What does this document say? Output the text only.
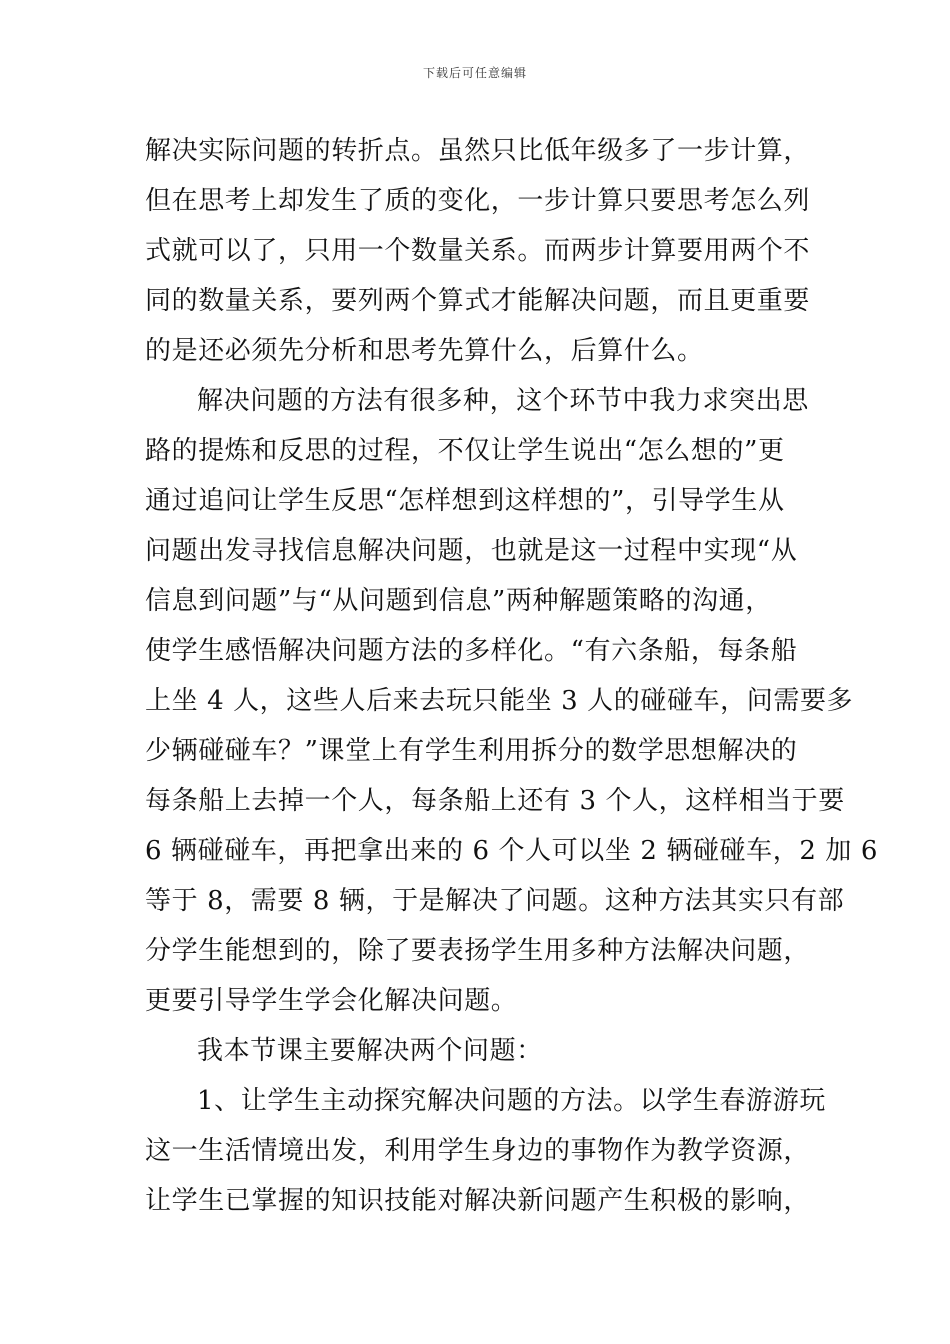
下载后可任意编辑
解决实际问题的转折点。虽然只比低年级多了一步计算，
但在思考上却发生了质的变化，一步计算只要思考怎么列
式就可以了，只用一个数量关系。而两步计算要用两个不
同的数量关系，要列两个算式才能解决问题，而且更重要
的是还必须先分析和思考先算什么，后算什么。
解决问题的方法有很多种，这个环节中我力求突出思
路的提炼和反思的过程，不仅让学生说出“怎么想的”更
通过追问让学生反思“怎样想到这样想的”，引导学生从
问题出发寻找信息解决问题，也就是这一过程中实现“从
信息到问题”与“从问题到信息”两种解题策略的沟通，
使学生感悟解决问题方法的多样化。“有六条船，每条船
上坐 4 人，这些人后来去玩只能坐 3 人的碰碰车，问需要多
少辆碰碰车？”课堂上有学生利用拆分的数学思想解决的
每条船上去掉一个人，每条船上还有 3 个人，这样相当于要
6 辆碰碰车，再把拿出来的 6 个人可以坐 2 辆碰碰车，2 加 6
等于 8，需要 8 辆，于是解决了问题。这种方法其实只有部
分学生能想到的，除了要表扬学生用多种方法解决问题，
更要引导学生学会化解决问题。
我本节课主要解决两个问题：
1、让学生主动探究解决问题的方法。以学生春游游玩
这一生活情境出发，利用学生身边的事物作为教学资源，
让学生已掌握的知识技能对解决新问题产生积极的影响，
